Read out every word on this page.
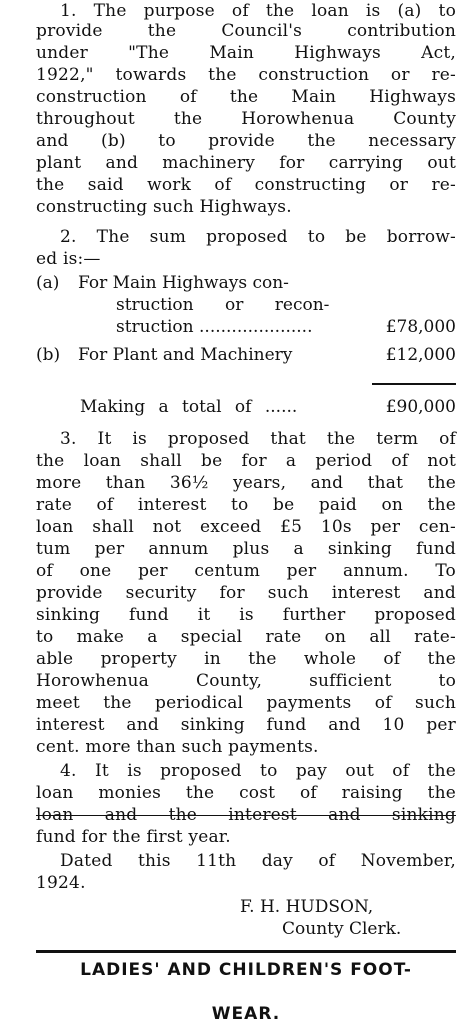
1. The purpose of the loan is (a) to
provide the Council's contribution
under "The Main Highways Act,
1922," towards the construction or re-
construction of the Main Highways
throughout the Horowhenua County
and (b) to provide the necessary
plant and machinery for carrying out
the said work of constructing or re-
constructing such Highways.
2. The sum proposed to be borrow-
ed is:—
(a) For Main Highways con-
struction or recon-
struction .....................	£78,000
(b) For Plant and Machinery	£12,000
Making a total of ......	£90,000
3. It is proposed that the term of
the loan shall be for a period of not
more than 36½ years, and that the
rate of interest to be paid on the
loan shall not exceed £5 10s per cen-
tum per annum plus a sinking fund
of one per centum per annum. To
provide security for such interest and
sinking fund it is further proposed
to make a special rate on all rate-
able property in the whole of the
Horowhenua County, sufficient to
meet the periodical payments of such
interest and sinking fund and 10 per
cent. more than such payments.
4. It is proposed to pay out of the
loan monies the cost of raising the
loan and the interest and sinking
fund for the first year.
Dated this 11th day of November,
1924.
F. H. HUDSON,
County Clerk.
LADIES' AND CHILDREN'S FOOT-
WEAR.
